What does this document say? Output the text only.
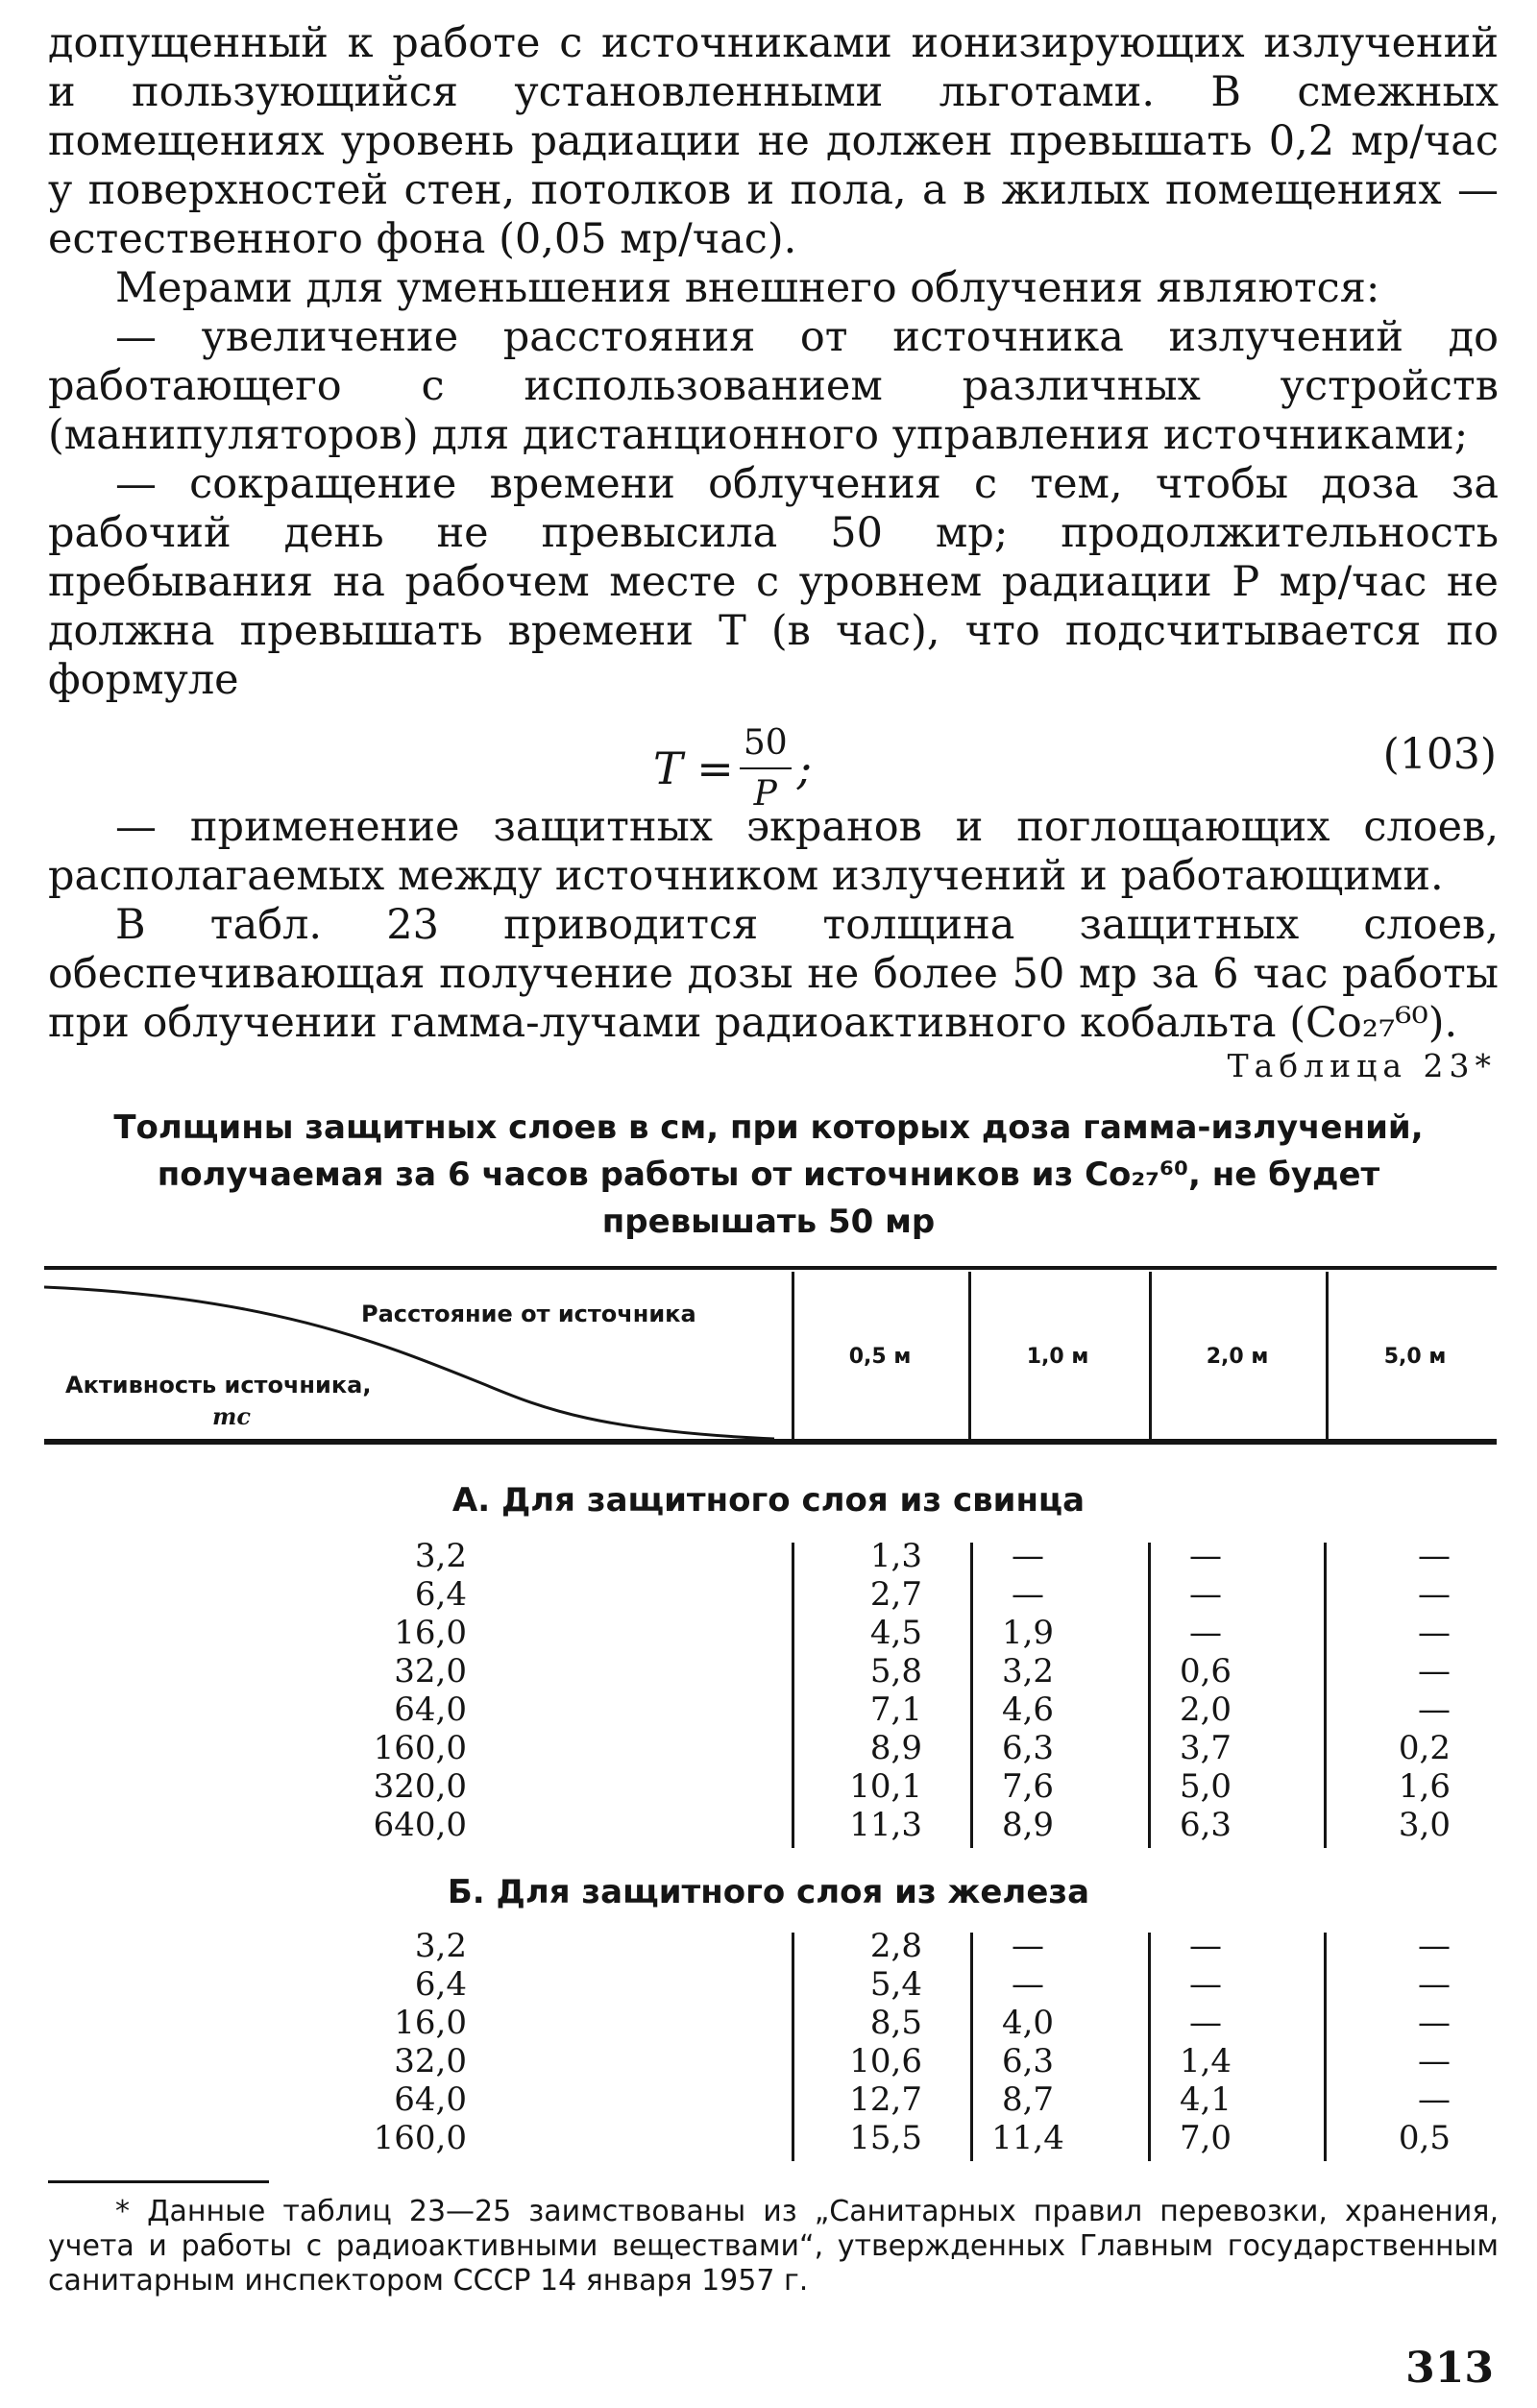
допущенный к работе с источниками ионизирующих излучений и пользующийся установленными льготами. В смежных помещениях уровень радиации не должен превышать 0,2 мр/час у поверхностей стен, потолков и пола, а в жилых помещениях — естественного фона (0,05 мр/час).

Мерами для уменьшения внешнего облучения являются:

— увеличение расстояния от источника излучений до работающего с использованием различных устройств (манипуляторов) для дистанционного управления источниками;

— сокращение времени облучения с тем, чтобы доза за рабочий день не превысила 50 мр; продолжительность пребывания на рабочем месте с уровнем радиации P мр/час не должна превышать времени T (в час), что подсчитывается по формуле

$T = \frac{50}{P}$ ;	(103)

— применение защитных экранов и поглощающих слоев, располагаемых между источником излучений и работающими.

В табл. 23 приводится толщина защитных слоев, обеспечивающая получение дозы не более 50 мр за 6 час работы при облучении гамма-лучами радиоактивного кобальта (Co₂₇⁶⁰).

Таблица 23*
Толщины защитных слоев в см, при которых доза гамма-излучений, получаемая за 6 часов работы от источников из Co₂₇⁶⁰, не будет превышать 50 мр
Расстояние от источника
Активность источника,
mc
0,5 м	1,0 м	2,0 м	5,0 м
А. Для защитного слоя из свинца
3,2	1,3	—	—	—
6,4	2,7	—	—	—
16,0	4,5	1,9	—	—
32,0	5,8	3,2	0,6	—
64,0	7,1	4,6	2,0	—
160,0	8,9	6,3	3,7	0,2
320,0	10,1	7,6	5,0	1,6
640,0	11,3	8,9	6,3	3,0
Б. Для защитного слоя из железа
3,2	2,8	—	—	—
6,4	5,4	—	—	—
16,0	8,5	4,0	—	—
32,0	10,6	6,3	1,4	—
64,0	12,7	8,7	4,1	—
160,0	15,5	11,4	7,0	0,5
* Данные таблиц 23—25 заимствованы из „Санитарных правил перевозки, хранения, учета и работы с радиоактивными веществами“, утвержденных Главным государственным санитарным инспектором СССР 14 января 1957 г.
313
